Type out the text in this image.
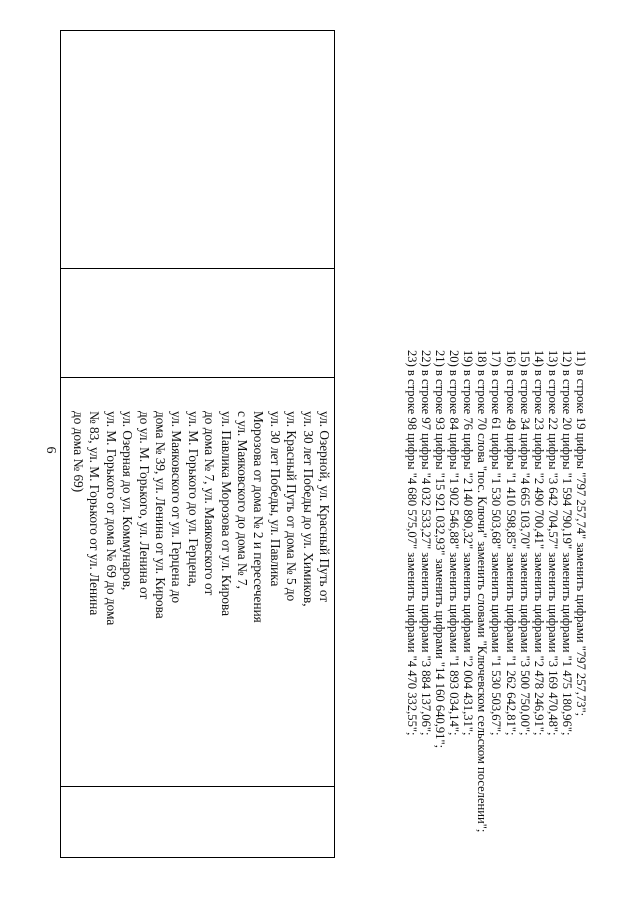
6	ул. Озерной, ул. Красный Путь от
ул. 30 лет Победы до ул. Химиков,
ул. Красный Путь от дома № 5 до
ул. 30 лет Победы, ул. Павлика
Морозова от дома № 2 и пересечения
с ул. Маяковского до дома № 7,
ул. Павлика Морозова от ул. Кирова
до дома № 7, ул. Маяковского от
ул. М. Горького до ул. Герцена,
ул. Маяковского от ул. Герцена до
дома № 39, ул. Ленина от ул. Кирова
до ул. М. Горького, ул. Ленина от
ул. Озерная до ул. Коммунаров,
ул. М. Горького от дома № 69 до дома
№ 83, ул. М. Горького от ул. Ленина
до дома № 69)	11) в строке 19 цифры "797 257,74" заменить цифрами "797 257,73";
12) в строке 20 цифры "1 594 790,19" заменить цифрами "1 475 180,96";
13) в строке 22 цифры "3 642 704,57" заменить цифрами "3 169 470,48";
14) в строке 23 цифры "2 490 700,41" заменить цифрами "2 478 246,91";
15) в строке 34 цифры "4 665 103,70" заменить цифрами "3 500 750,00";
16) в строке 49 цифры "1 410 598,85" заменить цифрами "1 262 642,81";
17) в строке 61 цифры "1 530 503,68" заменить цифрами "1 530 503,67";
18) в строке 70 слова "пос. Ключи" заменить словами "Ключевском сельском поселении";
19) в строке 76 цифры "2 140 890,32" заменить цифрами "2 004 431,31";
20) в строке 84 цифры "1 902 546,88" заменить цифрами "1 893 034,14";
21) в строке 93 цифры "15 921 032,93" заменить цифрами "14 160 640,91";
22) в строке 97 цифры "4 032 533,27" заменить цифрами "3 884 137,06";
23) в строке 98 цифры "4 680 575,07" заменить цифрами "4 470 332,55";
